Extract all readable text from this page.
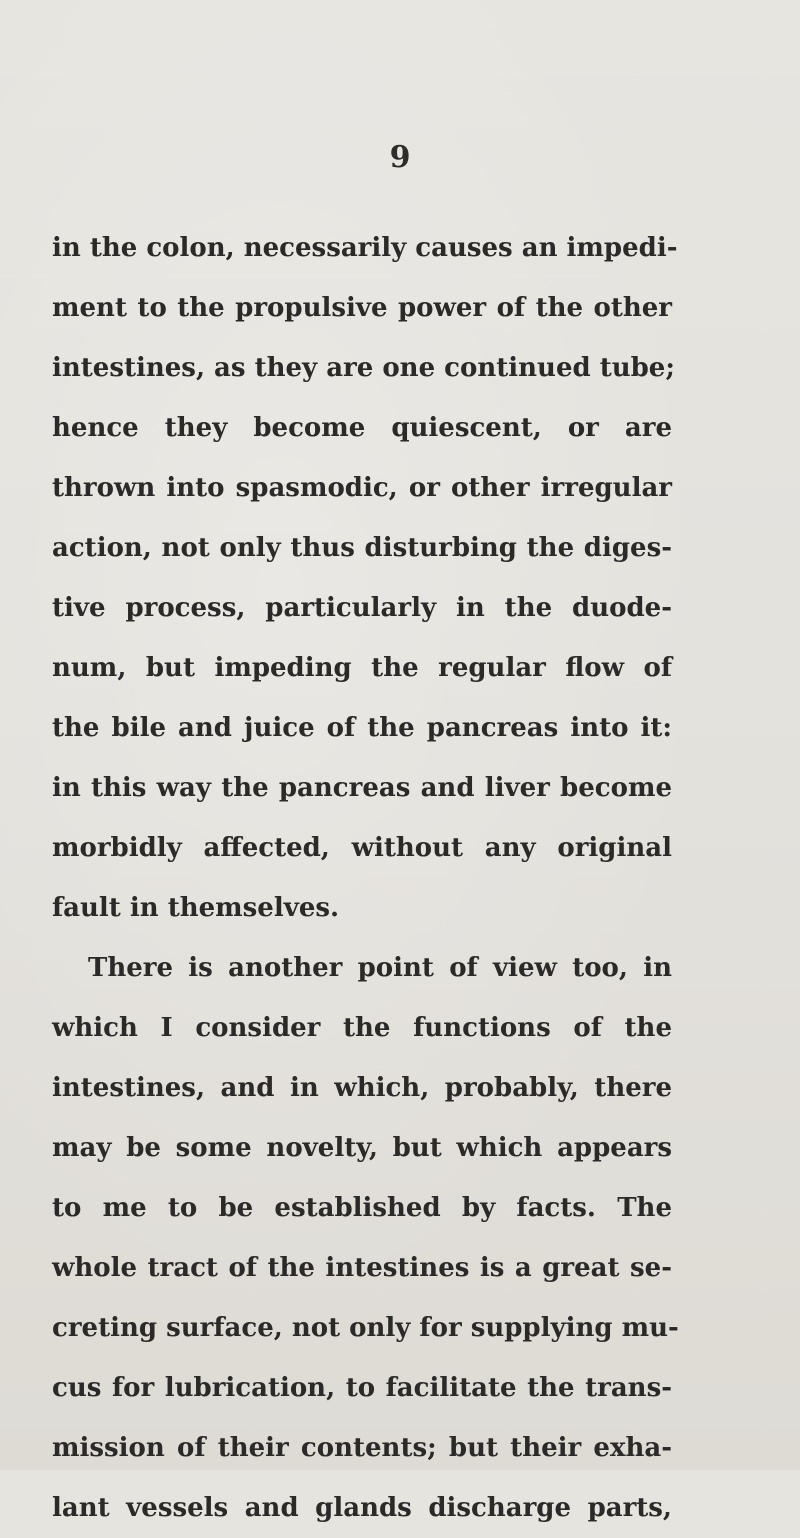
9
in the colon, necessarily causes an impedi-
ment to the propulsive power of the other
intestines, as they are one continued tube;
hence they become quiescent, or are
thrown into spasmodic, or other irregular
action, not only thus disturbing the diges-
tive process, particularly in the duode-
num, but impeding the regular flow of
the bile and juice of the pancreas into it:
in this way the pancreas and liver become
morbidly affected, without any original
fault in themselves.
There is another point of view too, in
which I consider the functions of the
intestines, and in which, probably, there
may be some novelty, but which appears
to me to be established by facts. The
whole tract of the intestines is a great se-
creting surface, not only for supplying mu-
cus for lubrication, to facilitate the trans-
mission of their contents; but their exha-
lant vessels and glands discharge parts,
